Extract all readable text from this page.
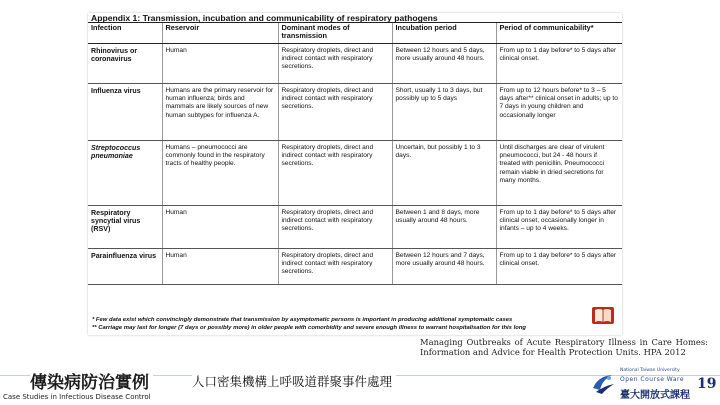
Appendix 1: Transmission, incubation and communicability of respiratory pathogens
Infection	Reservoir	Dominant modes of transmission	Incubation period	Period of communicability*
Rhinovirus or coronavirus	Human	Respiratory droplets, direct and indirect contact with respiratory secretions.	Between 12 hours and 5 days, more usually around 48 hours.	From up to 1 day before* to 5 days after clinical onset.
Influenza virus	Humans are the primary reservoir for human influenza; birds and mammals are likely sources of new human subtypes for influenza A.	Respiratory droplets, direct and indirect contact with respiratory secretions.	Short, usually 1 to 3 days, but possibly up to 5 days	From up to 12 hours before* to 3 – 5 days after** clinical onset in adults; up to 7 days in young children and occasionally longer
Streptococcus pneumoniae	Humans – pneumococci are commonly found in the respiratory tracts of healthy people.	Respiratory droplets, direct and indirect contact with respiratory secretions.	Uncertain, but possibly 1 to 3 days.	Until discharges are clear of virulent pneumococci, but 24 - 48 hours if treated with penicillin. Pneumococci remain viable in dried secretions for many months.
Respiratory syncytial virus (RSV)	Human	Respiratory droplets, direct and indirect contact with respiratory secretions.	Between 1 and 8 days, more usually around 48 hours.	From up to 1 day before* to 5 days after clinical onset, occasionally longer in infants – up to 4 weeks.
Parainfluenza virus	Human	Respiratory droplets, direct and indirect contact with respiratory secretions.	Between 12 hours and 7 days, more usually around 48 hours.	From up to 1 day before* to 5 days after clinical onset.
* Few data exist which convincingly demonstrate that transmission by asymptomatic persons is important in producing additional symptomatic cases
** Carriage may last for longer (7 days or possibly more) in older people with comorbidity and severe enough illness to warrant hospitalisation for this long
Managing Outbreaks of Acute Respiratory Illness in Care Homes: Information and Advice for Health Protection Units. HPA 2012
傳染病防治實例	人口密集機構上呼吸道群聚事件處理
Case Studies in Infectious Disease Control
National Taiwan University
Open Course Ware
臺大開放式課程
19
